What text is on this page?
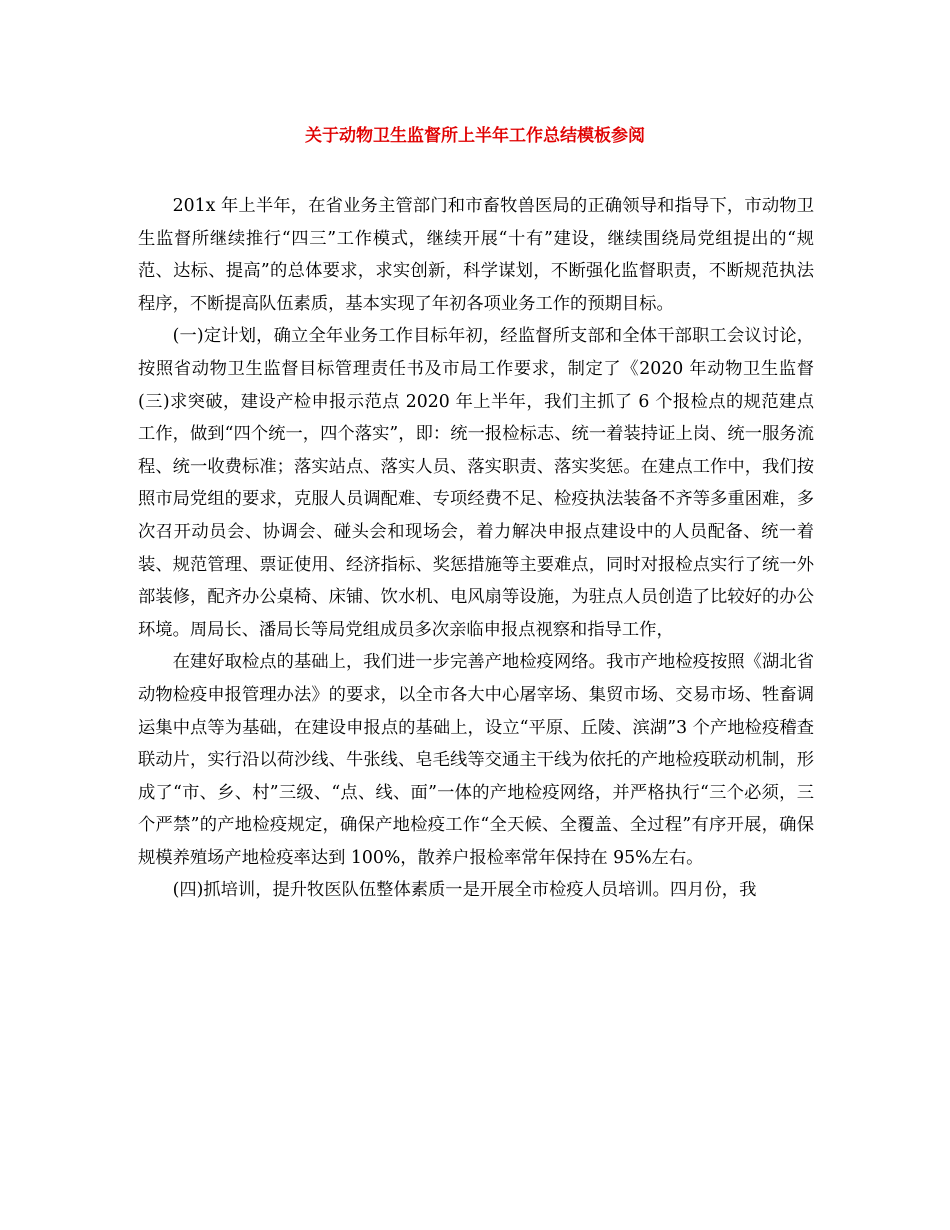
关于动物卫生监督所上半年工作总结模板参阅

201x 年上半年，在省业务主管部门和市畜牧兽医局的正确领导和指导下，市动物卫生监督所继续推行“四三”工作模式，继续开展“十有”建设，继续围绕局党组提出的“规范、达标、提高”的总体要求，求实创新，科学谋划，不断强化监督职责，不断规范执法程序，不断提高队伍素质，基本实现了年初各项业务工作的预期目标。

(一)定计划，确立全年业务工作目标年初，经监督所支部和全体干部职工会议讨论，按照省动物卫生监督目标管理责任书及市局工作要求，制定了《2020 年动物卫生监督　　(三)求突破，建设产检申报示范点 2020 年上半年，我们主抓了 6 个报检点的规范建点工作，做到“四个统一，四个落实”，即：统一报检标志、统一着装持证上岗、统一服务流程、统一收费标准；落实站点、落实人员、落实职责、落实奖惩。在建点工作中，我们按照市局党组的要求，克服人员调配难、专项经费不足、检疫执法装备不齐等多重困难，多次召开动员会、协调会、碰头会和现场会，着力解决申报点建设中的人员配备、统一着装、规范管理、票证使用、经济指标、奖惩措施等主要难点，同时对报检点实行了统一外部装修，配齐办公桌椅、床铺、饮水机、电风扇等设施，为驻点人员创造了比较好的办公环境。周局长、潘局长等局党组成员多次亲临申报点视察和指导工作，

在建好取检点的基础上，我们进一步完善产地检疫网络。我市产地检疫按照《湖北省动物检疫申报管理办法》的要求，以全市各大中心屠宰场、集贸市场、交易市场、牲畜调运集中点等为基础，在建设申报点的基础上，设立“平原、丘陵、滨湖”3 个产地检疫稽查联动片，实行沿以荷沙线、牛张线、皂毛线等交通主干线为依托的产地检疫联动机制，形成了“市、乡、村”三级、“点、线、面”一体的产地检疫网络，并严格执行“三个必须，三个严禁”的产地检疫规定，确保产地检疫工作“全天候、全覆盖、全过程”有序开展，确保规模养殖场产地检疫率达到 100%，散养户报检率常年保持在 95%左右。

(四)抓培训，提升牧医队伍整体素质一是开展全市检疫人员培训。四月份，我
